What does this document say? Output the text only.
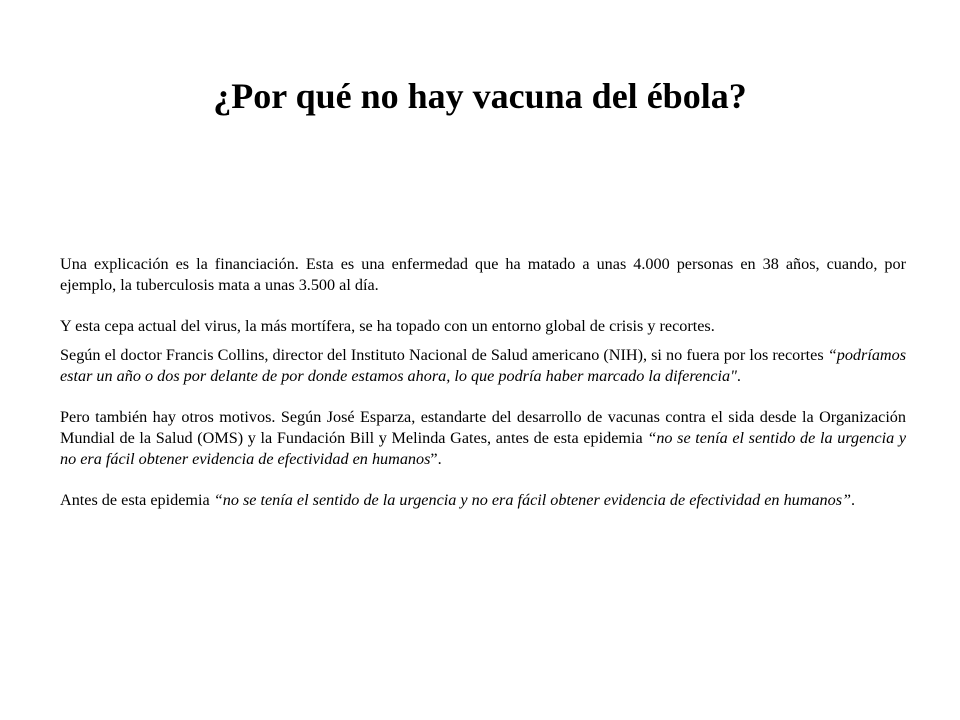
¿Por qué no hay vacuna del ébola?

Una explicación es la financiación. Esta es una enfermedad que ha matado a unas 4.000 personas en 38 años, cuando, por ejemplo, la tuberculosis mata a unas 3.500 al día.

Y esta cepa actual del virus, la más mortífera, se ha topado con un entorno global de crisis y recortes.

Según el doctor Francis Collins, director del Instituto Nacional de Salud americano (NIH), si no fuera por los recortes “podríamos estar un año o dos por delante de por donde estamos ahora, lo que podría haber marcado la diferencia".

Pero también hay otros motivos. Según José Esparza, estandarte del desarrollo de vacunas contra el sida desde la Organización Mundial de la Salud (OMS) y la Fundación Bill y Melinda Gates, antes de esta epidemia “no se tenía el sentido de la urgencia y no era fácil obtener evidencia de efectividad en humanos”.

Antes de esta epidemia “no se tenía el sentido de la urgencia y no era fácil obtener evidencia de efectividad en humanos”.
